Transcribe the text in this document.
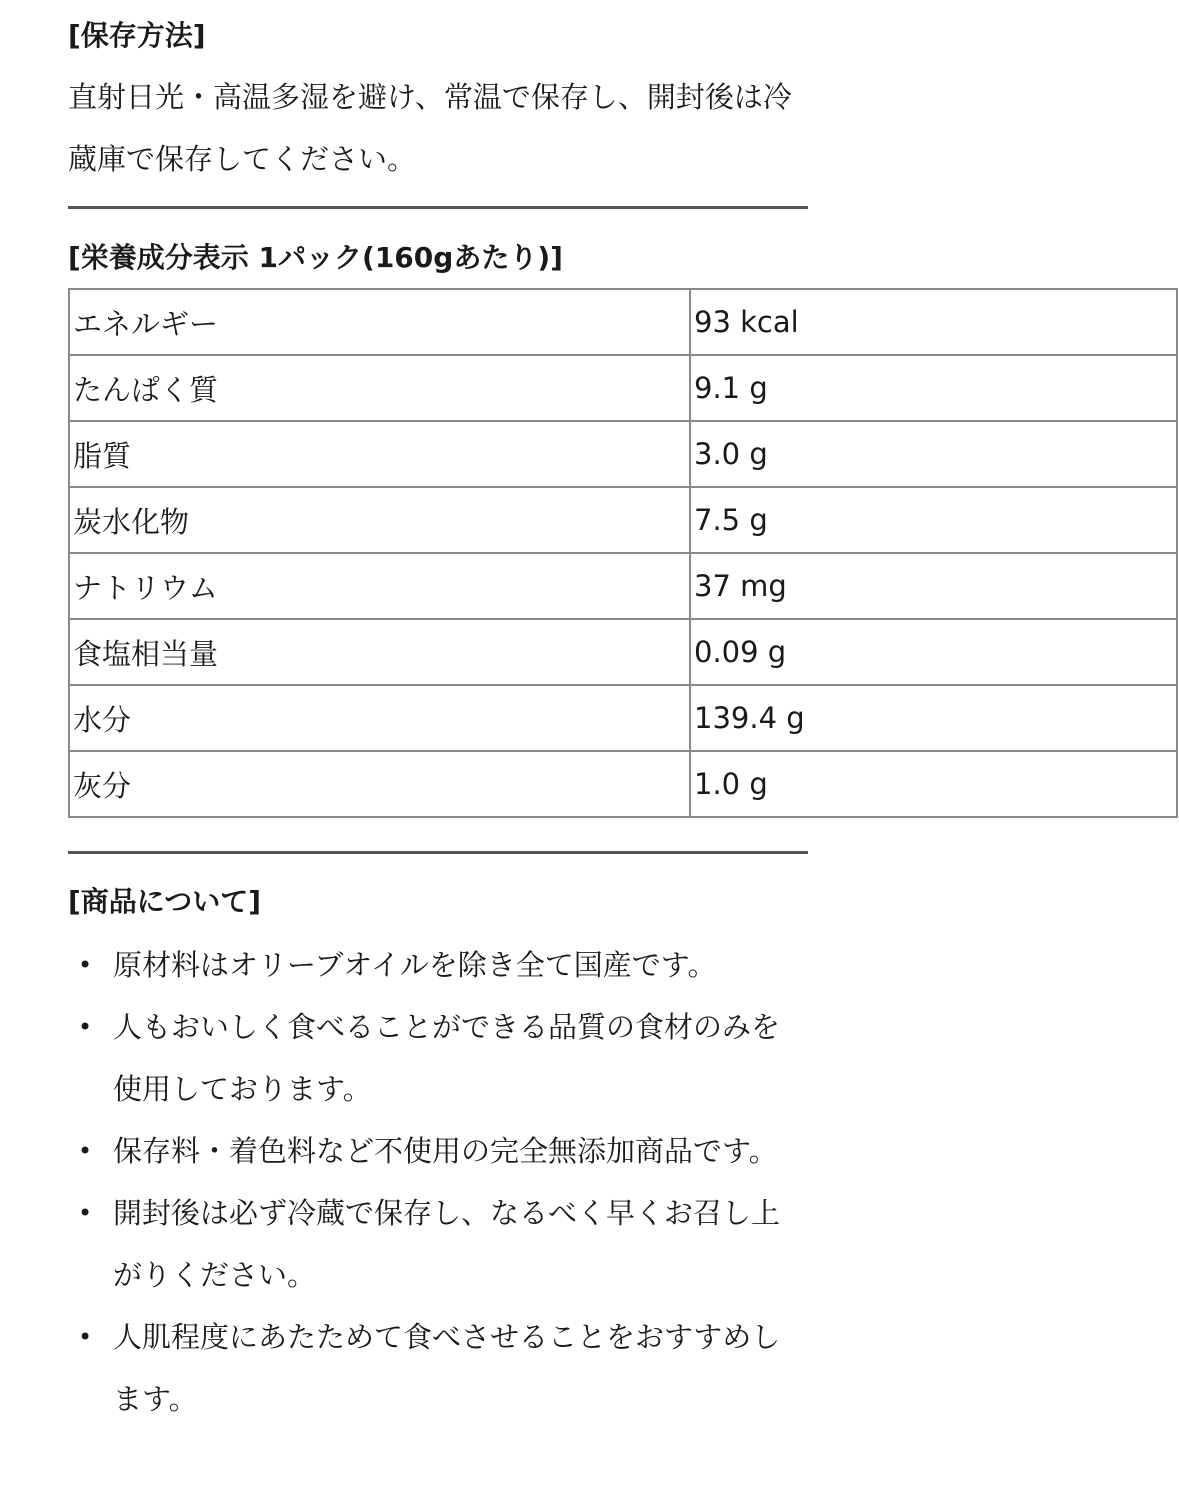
[保存方法]

直射日光・高温多湿を避け、常温で保存し、開封後は冷蔵庫で保存してください。

[栄養成分表示 1パック(160gあたり)]
エネルギー	93 kcal
たんぱく質	9.1 g
脂質	3.0 g
炭水化物	7.5 g
ナトリウム	37 mg
食塩相当量	0.09 g
水分	139.4 g
灰分	1.0 g
[商品について]
• 原材料はオリーブオイルを除き全て国産です。
• 人もおいしく食べることができる品質の食材のみを使用しております。
• 保存料・着色料など不使用の完全無添加商品です。
• 開封後は必ず冷蔵で保存し、なるべく早くお召し上がりください。
• 人肌程度にあたためて食べさせることをおすすめします。
